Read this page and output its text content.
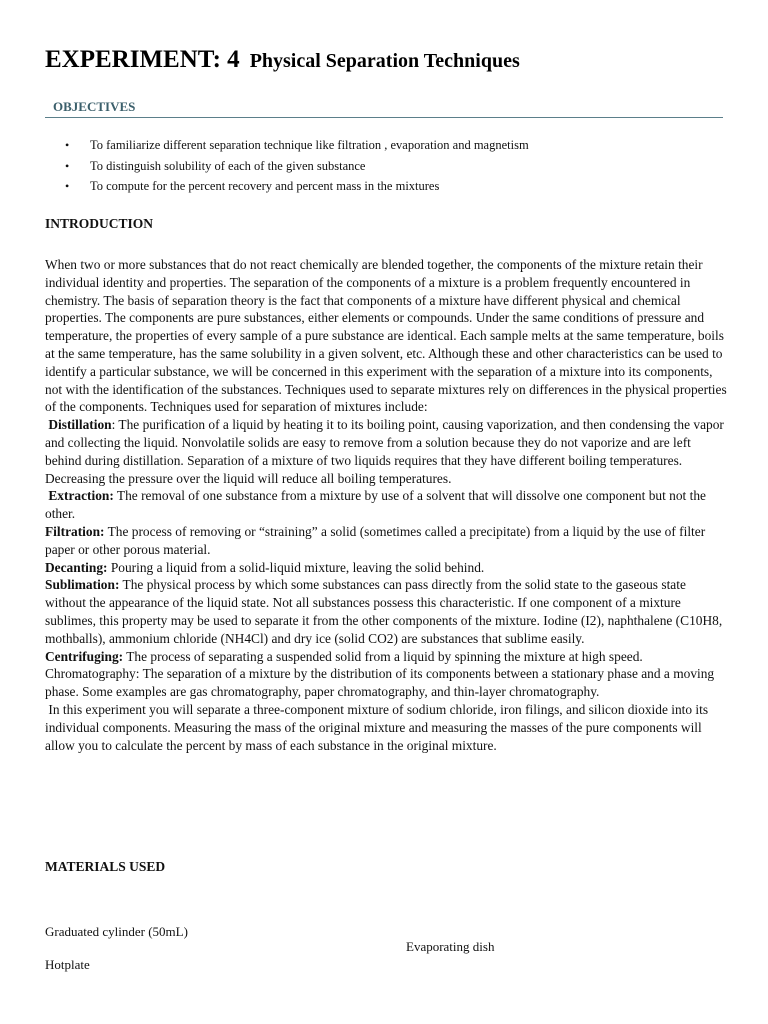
EXPERIMENT: 4 Physical Separation Techniques
OBJECTIVES
• To familiarize different separation technique like filtration , evaporation and magnetism
• To distinguish solubility of each of the given substance
• To compute for the percent recovery and percent mass in the mixtures
INTRODUCTION

When two or more substances that do not react chemically are blended together, the components of the mixture retain their individual identity and properties. The separation of the components of a mixture is a problem frequently encountered in chemistry. The basis of separation theory is the fact that components of a mixture have different physical and chemical properties. The components are pure substances, either elements or compounds. Under the same conditions of pressure and temperature, the properties of every sample of a pure substance are identical. Each sample melts at the same temperature, boils at the same temperature, has the same solubility in a given solvent, etc. Although these and other characteristics can be used to identify a particular substance, we will be concerned in this experiment with the separation of a mixture into its components, not with the identification of the substances. Techniques used to separate mixtures rely on differences in the physical properties of the components. Techniques used for separation of mixtures include:

Distillation: The purification of a liquid by heating it to its boiling point, causing vaporization, and then condensing the vapor and collecting the liquid. Nonvolatile solids are easy to remove from a solution because they do not vaporize and are left behind during distillation. Separation of a mixture of two liquids requires that they have different boiling temperatures. Decreasing the pressure over the liquid will reduce all boiling temperatures.

Extraction: The removal of one substance from a mixture by use of a solvent that will dissolve one component but not the other.

Filtration: The process of removing or “straining” a solid (sometimes called a precipitate) from a liquid by the use of filter paper or other porous material.

Decanting: Pouring a liquid from a solid-liquid mixture, leaving the solid behind.

Sublimation: The physical process by which some substances can pass directly from the solid state to the gaseous state without the appearance of the liquid state. Not all substances possess this characteristic. If one component of a mixture sublimes, this property may be used to separate it from the other components of the mixture. Iodine (I2), naphthalene (C10H8, mothballs), ammonium chloride (NH4Cl) and dry ice (solid CO2) are substances that sublime easily.

Centrifuging: The process of separating a suspended solid from a liquid by spinning the mixture at high speed.

Chromatography: The separation of a mixture by the distribution of its components between a stationary phase and a moving phase. Some examples are gas chromatography, paper chromatography, and thin-layer chromatography.

In this experiment you will separate a three-component mixture of sodium chloride, iron filings, and silicon dioxide into its individual components. Measuring the mass of the original mixture and measuring the masses of the pure components will allow you to calculate the percent by mass of each substance in the original mixture.

MATERIALS USED
Graduated cylinder (50mL)
Evaporating dish
Hotplate
